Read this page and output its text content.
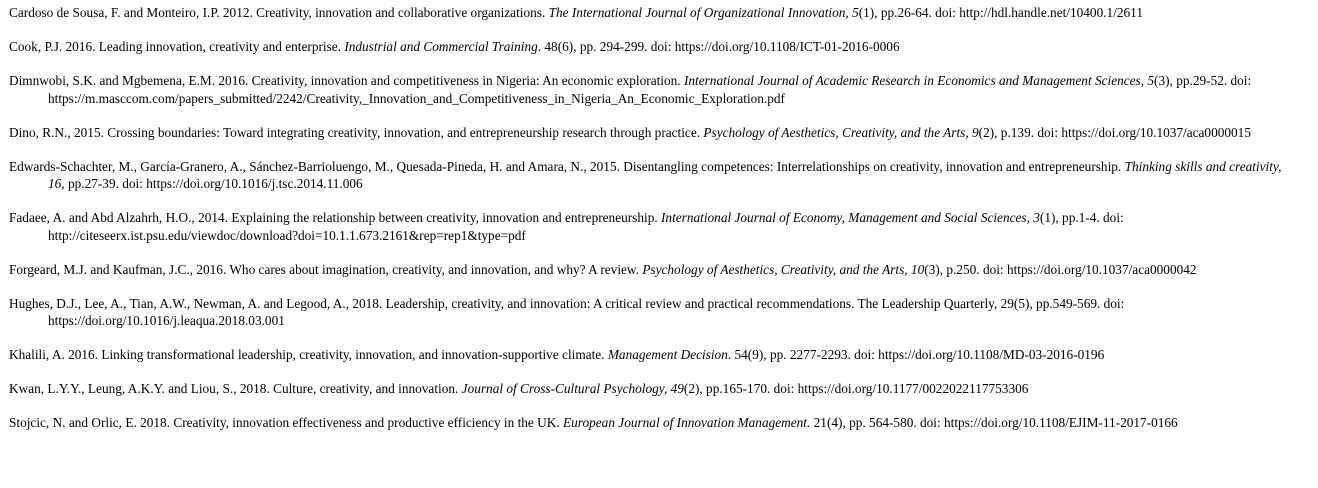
Cardoso de Sousa, F. and Monteiro, I.P. 2012. Creativity, innovation and collaborative organizations. The International Journal of Organizational Innovation, 5(1), pp.26-64. doi: http://hdl.handle.net/10400.1/2611

Cook, P.J. 2016. Leading innovation, creativity and enterprise. Industrial and Commercial Training. 48(6), pp. 294-299. doi: https://doi.org/10.1108/ICT-01-2016-0006

Dimnwobi, S.K. and Mgbemena, E.M. 2016. Creativity, innovation and competitiveness in Nigeria: An economic exploration. International Journal of Academic Research in Economics and Management Sciences, 5(3), pp.29-52. doi: https://m.masccom.com/papers_submitted/2242/Creativity,_Innovation_and_Competitiveness_in_Nigeria_An_Economic_Exploration.pdf

Dino, R.N., 2015. Crossing boundaries: Toward integrating creativity, innovation, and entrepreneurship research through practice. Psychology of Aesthetics, Creativity, and the Arts, 9(2), p.139. doi: https://doi.org/10.1037/aca0000015

Edwards-Schachter, M., García-Granero, A., Sánchez-Barrioluengo, M., Quesada-Pineda, H. and Amara, N., 2015. Disentangling competences: Interrelationships on creativity, innovation and entrepreneurship. Thinking skills and creativity, 16, pp.27-39. doi: https://doi.org/10.1016/j.tsc.2014.11.006

Fadaee, A. and Abd Alzahrh, H.O., 2014. Explaining the relationship between creativity, innovation and entrepreneurship. International Journal of Economy, Management and Social Sciences, 3(1), pp.1-4. doi: http://citeseerx.ist.psu.edu/viewdoc/download?doi=10.1.1.673.2161&rep=rep1&type=pdf

Forgeard, M.J. and Kaufman, J.C., 2016. Who cares about imagination, creativity, and innovation, and why? A review. Psychology of Aesthetics, Creativity, and the Arts, 10(3), p.250. doi: https://doi.org/10.1037/aca0000042

Hughes, D.J., Lee, A., Tian, A.W., Newman, A. and Legood, A., 2018. Leadership, creativity, and innovation: A critical review and practical recommendations. The Leadership Quarterly, 29(5), pp.549-569. doi: https://doi.org/10.1016/j.leaqua.2018.03.001

Khalili, A. 2016. Linking transformational leadership, creativity, innovation, and innovation-supportive climate. Management Decision. 54(9), pp. 2277-2293. doi: https://doi.org/10.1108/MD-03-2016-0196

Kwan, L.Y.Y., Leung, A.K.Y. and Liou, S., 2018. Culture, creativity, and innovation. Journal of Cross-Cultural Psychology, 49(2), pp.165-170. doi: https://doi.org/10.1177/0022022117753306

Stojcic, N. and Orlic, E. 2018. Creativity, innovation effectiveness and productive efficiency in the UK. European Journal of Innovation Management. 21(4), pp. 564-580. doi: https://doi.org/10.1108/EJIM-11-2017-0166
